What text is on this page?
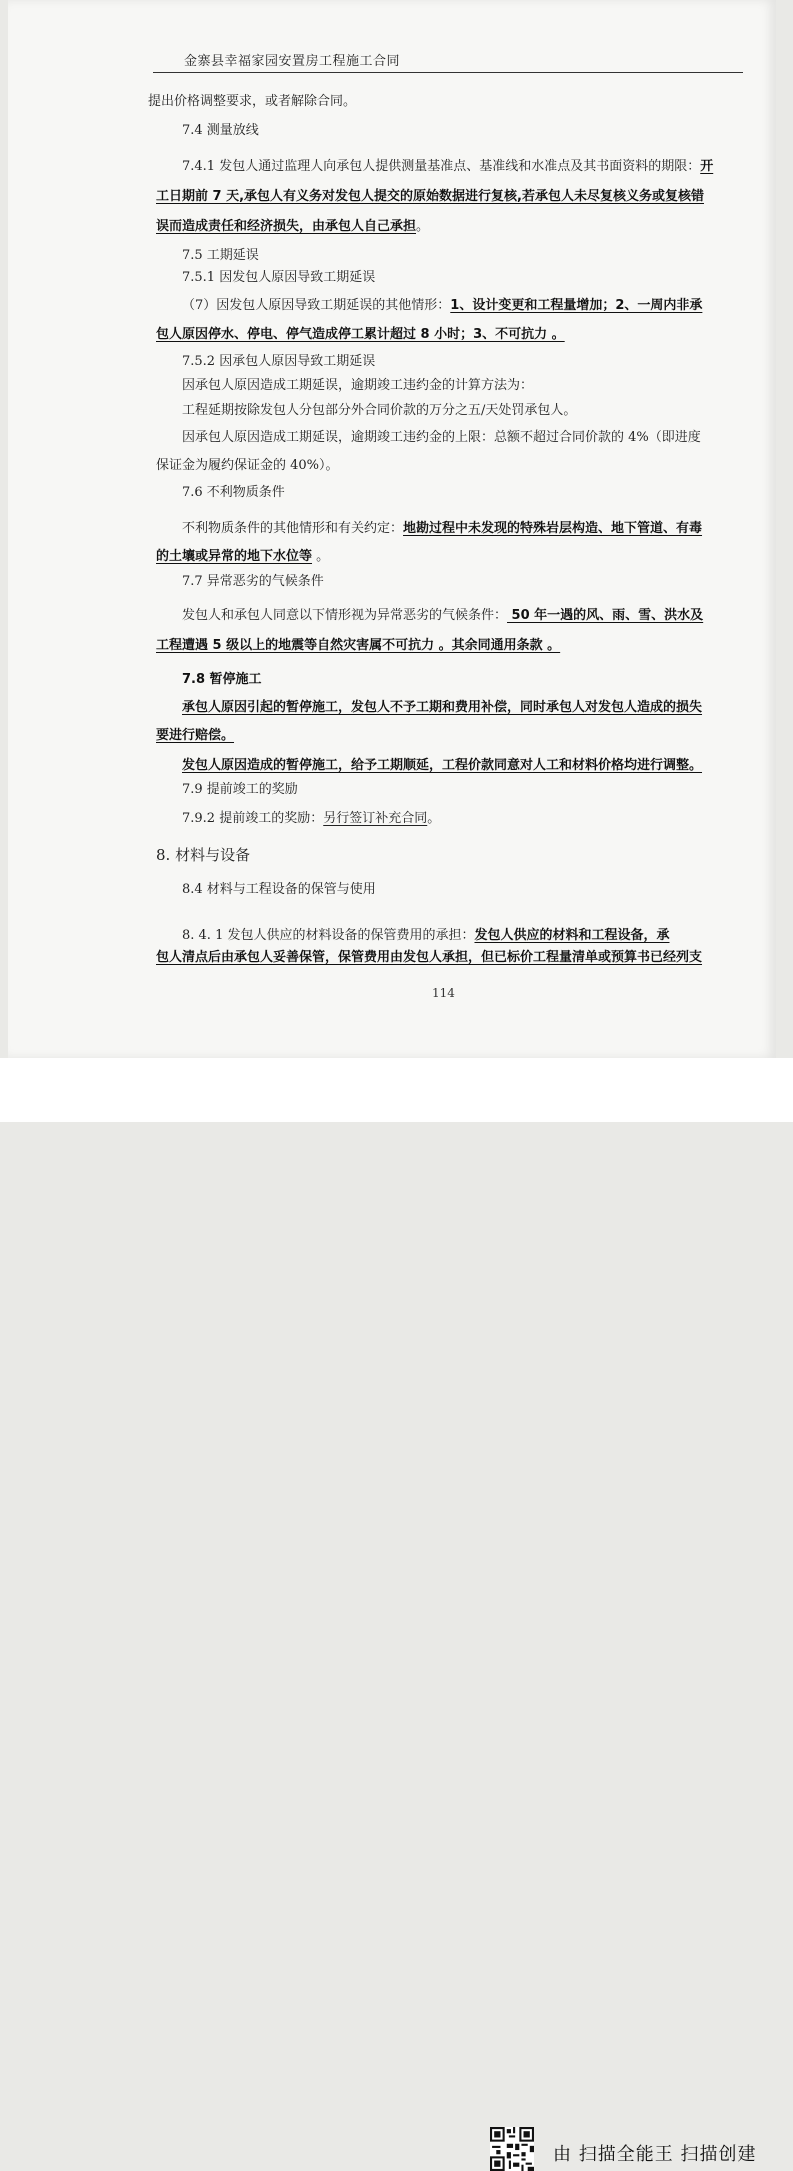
金寨县幸福家园安置房工程施工合同
提出价格调整要求，或者解除合同。
7.4 测量放线
7.4.1 发包人通过监理人向承包人提供测量基准点、基准线和水准点及其书面资料的期限：开
工日期前 7 天,承包人有义务对发包人提交的原始数据进行复核,若承包人未尽复核义务或复核错
误而造成责任和经济损失，由承包人自己承担。
7.5 工期延误
7.5.1 因发包人原因导致工期延误
（7）因发包人原因导致工期延误的其他情形：1、设计变更和工程量增加；2、一周内非承
包人原因停水、停电、停气造成停工累计超过 8 小时；3、不可抗力 。
7.5.2 因承包人原因导致工期延误
因承包人原因造成工期延误，逾期竣工违约金的计算方法为：
工程延期按除发包人分包部分外合同价款的万分之五/天处罚承包人。
因承包人原因造成工期延误，逾期竣工违约金的上限：总额不超过合同价款的 4%（即进度
保证金为履约保证金的 40%）。
7.6 不利物质条件
不利物质条件的其他情形和有关约定：地勘过程中未发现的特殊岩层构造、地下管道、有毒
的土壤或异常的地下水位等 。
7.7 异常恶劣的气候条件
发包人和承包人同意以下情形视为异常恶劣的气候条件： 50 年一遇的风、雨、雪、洪水及
工程遭遇 5 级以上的地震等自然灾害属不可抗力 。其余同通用条款 。
7.8 暂停施工
承包人原因引起的暂停施工，发包人不予工期和费用补偿，同时承包人对发包人造成的损失
要进行赔偿。
发包人原因造成的暂停施工，给予工期顺延，工程价款同意对人工和材料价格均进行调整。
7.9 提前竣工的奖励
7.9.2 提前竣工的奖励：另行签订补充合同。
8. 材料与设备
8.4 材料与工程设备的保管与使用
8. 4. 1 发包人供应的材料设备的保管费用的承担：发包人供应的材料和工程设备，承
包人清点后由承包人妥善保管，保管费用由发包人承担，但已标价工程量清单或预算书已经列支
114
由 扫描全能王 扫描创建
